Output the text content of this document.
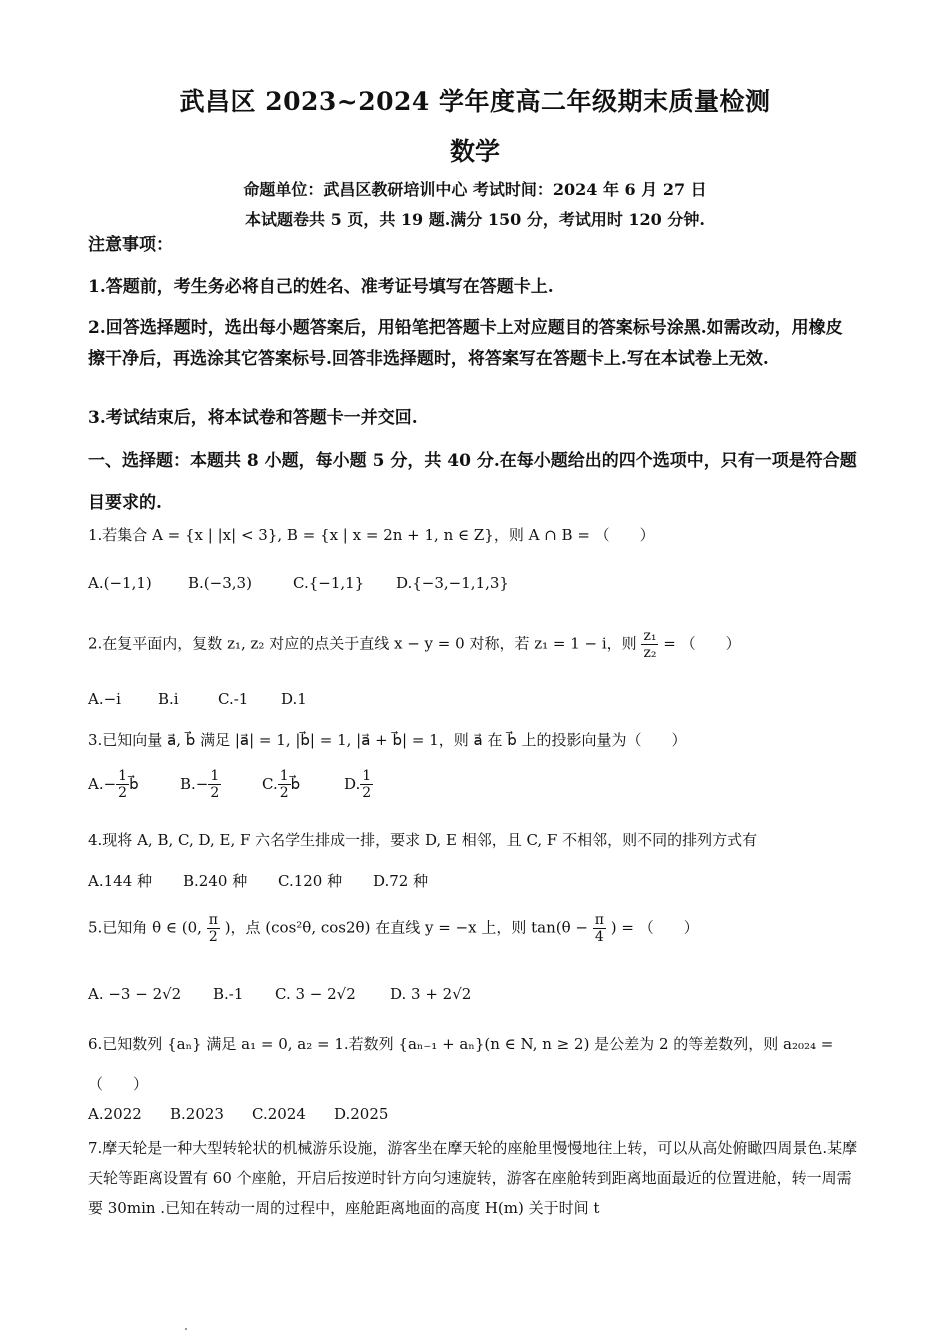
武昌区 2023~2024 学年度高二年级期末质量检测
数学
命题单位：武昌区教研培训中心 考试时间：2024 年 6 月 27 日
本试题卷共 5 页，共 19 题.满分 150 分，考试用时 120 分钟.
注意事项：
1.答题前，考生务必将自己的姓名、准考证号填写在答题卡上.
2.回答选择题时，选出每小题答案后，用铅笔把答题卡上对应题目的答案标号涂黑.如需改动，用橡皮擦干净后，再选涂其它答案标号.回答非选择题时，将答案写在答题卡上.写在本试卷上无效.
3.考试结束后，将本试卷和答题卡一并交回.
一、选择题：本题共 8 小题，每小题 5 分，共 40 分.在每小题给出的四个选项中，只有一项是符合题目要求的.
1.若集合 A = {x | |x| < 3}, B = {x | x = 2n + 1, n ∈ Z}，则 A ∩ B = （　　）
A.(−1,1) B.(−3,3)	C.{−1,1} D.{−3,−1,1,3}
2.在复平面内，复数 z₁, z₂ 对应的点关于直线 x − y = 0 对称，若 z₁ = 1 − i，则 $\frac{\text{z₁}}{\text{z₂}}$ = （　　）
A.−i B.i	C.-1 D.1
3.已知向量 a⃗, b⃗ 满足 |a⃗| = 1, |b⃗| = 1, |a⃗ + b⃗| = 1，则 a⃗ 在 b⃗ 上的投影向量为（　　）
$A.- \frac{1}{2}$ b⃗	$B.- \frac{1}{2}$	C. $\frac{1}{2}$ b⃗	D. $\frac{1}{2}$
4.现将 A, B, C, D, E, F 六名学生排成一排，要求 D, E 相邻，且 C, F 不相邻，则不同的排列方式有
A.144 种 B.240 种 C.120 种 D.72 种
5.已知角 θ ∈ (0, $\frac{\pi}{2}$ )，点 (cos²θ, cos2θ) 在直线 y = −x 上，则 $\tan(\theta - \frac{\pi}{4}$ ) = （　　）
A. −3 − 2√2 B.-1 C. 3 − 2√2 D. 3 + 2√2
6.已知数列 {aₙ} 满足 a₁ = 0, a₂ = 1.若数列 {aₙ₋₁ + aₙ}(n ∈ N, n ≥ 2) 是公差为 2 的等差数列，则 a₂₀₂₄ =
（　　）
A.2022 B.2023 C.2024 D.2025
7.摩天轮是一种大型转轮状的机械游乐设施，游客坐在摩天轮的座舱里慢慢地往上转，可以从高处俯瞰四周景色.某摩天轮等距离设置有 60 个座舱，开启后按逆时针方向匀速旋转，游客在座舱转到距离地面最近的位置进舱，转一周需要 30min .已知在转动一周的过程中，座舱距离地面的高度 H(m) 关于时间 t
